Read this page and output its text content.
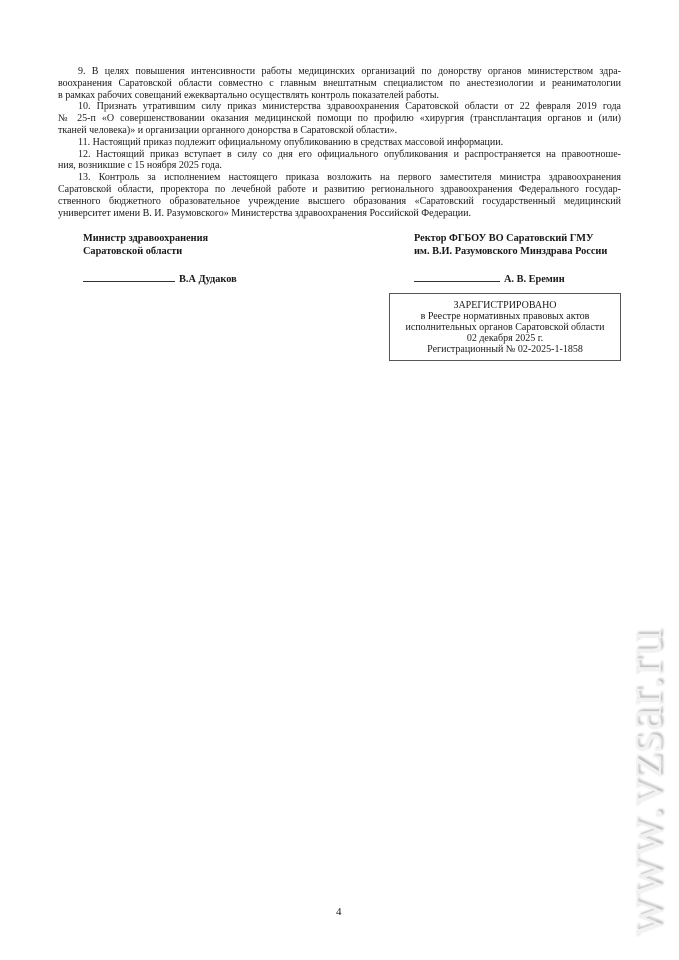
9. В целях повышения интенсивности работы медицинских организаций по донорству органов министерством здра-
воохранения Саратовской области совместно с главным внештатным специалистом по анестезиологии и реаниматологии
в рамках рабочих совещаний ежеквартально осуществлять контроль показателей работы.
10. Признать утратившим силу приказ министерства здравоохранения Саратовской области от 22 февраля 2019 года
№ 25-п «О совершенствовании оказания медицинской помощи по профилю «хирургия (трансплантация органов и (или)
тканей человека)» и организации органного донорства в Саратовской области».
11. Настоящий приказ подлежит официальному опубликованию в средствах массовой информации.
12. Настоящий приказ вступает в силу со дня его официального опубликования и распространяется на правоотноше-
ния, возникшие с 15 ноября 2025 года.
13. Контроль за исполнением настоящего приказа возложить на первого заместителя министра здравоохранения
Саратовской области, проректора по лечебной работе и развитию регионального здравоохранения Федерального государ-
ственного бюджетного образовательное учреждение высшего образования «Саратовский государственный медицинский
университет имени В. И. Разумовского» Министерства здравоохранения Российской Федерации.
Министр здравоохранения
Саратовской области
В.А Дудаков
Ректор ФГБОУ ВО Саратовский ГМУ
им. В.И. Разумовского Минздрава России
А. В. Еремин
ЗАРЕГИСТРИРОВАНО
в Реестре нормативных правовых актов
исполнительных органов Саратовской области
02 декабря 2025 г.
Регистрационный № 02-2025-1-1858
4	www.vzsar.ru
